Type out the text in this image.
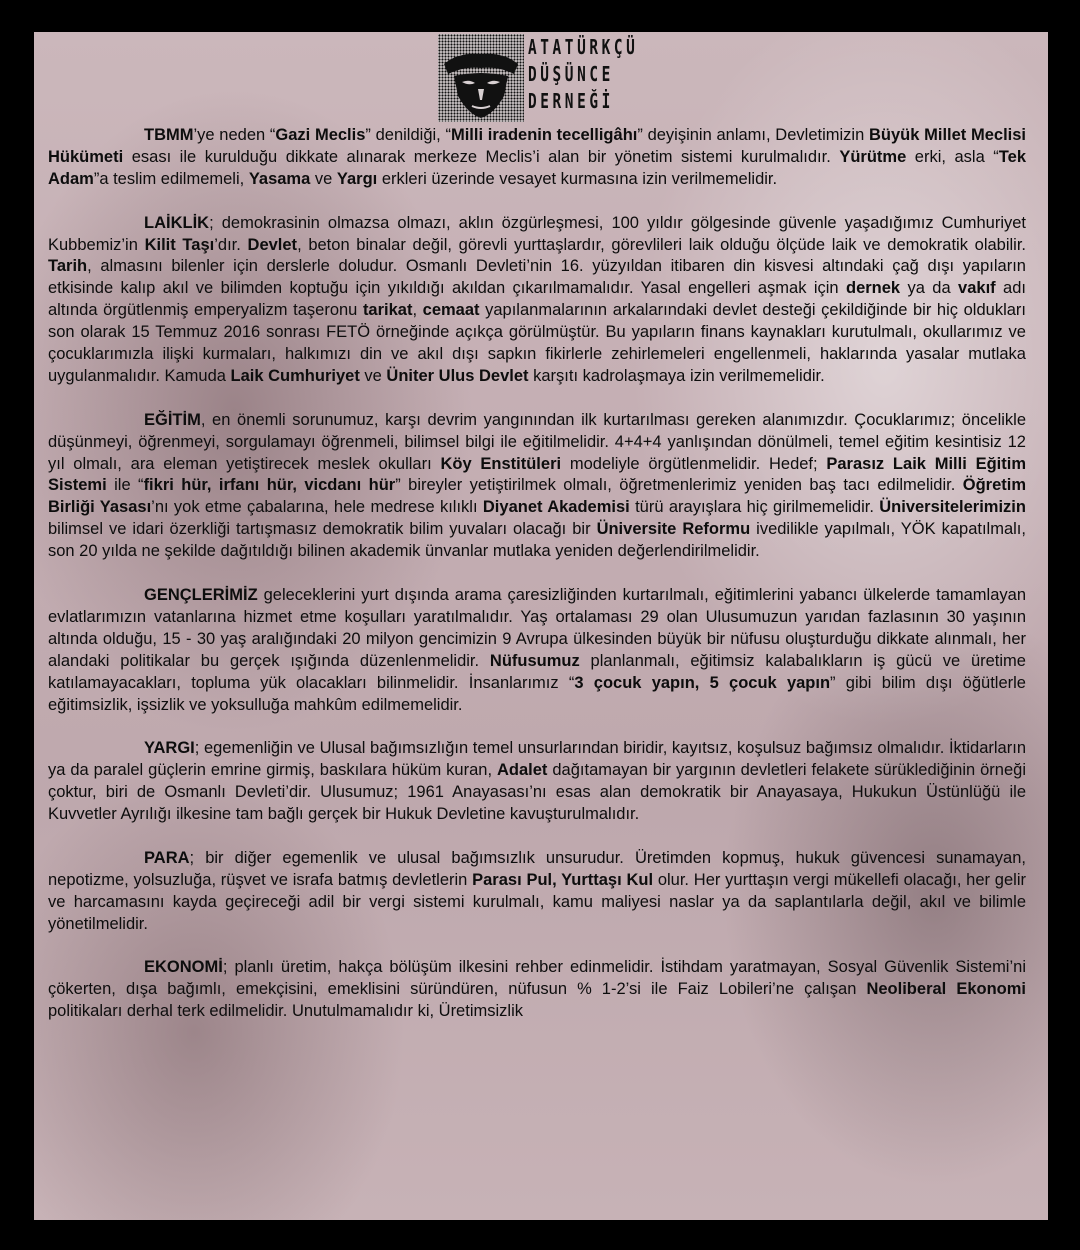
ATATÜRKÇÜ
DÜŞÜNCE
DERNEĞİ

TBMM’ye neden “Gazi Meclis” denildiği, “Milli iradenin tecelligâhı” deyişinin anlamı, Devletimizin Büyük Millet Meclisi Hükümeti esası ile kurulduğu dikkate alınarak merkeze Meclis’i alan bir yönetim sistemi kurulmalıdır. Yürütme erki, asla “Tek Adam”a teslim edilmemeli, Yasama ve Yargı erkleri üzerinde vesayet kurmasına izin verilmemelidir.

LAİKLİK; demokrasinin olmazsa olmazı, aklın özgürleşmesi, 100 yıldır gölgesinde güvenle yaşadığımız Cumhuriyet Kubbemiz’in Kilit Taşı’dır. Devlet, beton binalar değil, görevli yurttaşlardır, görevlileri laik olduğu ölçüde laik ve demokratik olabilir. Tarih, almasını bilenler için derslerle doludur. Osmanlı Devleti’nin 16. yüzyıldan itibaren din kisvesi altındaki çağ dışı yapıların etkisinde kalıp akıl ve bilimden koptuğu için yıkıldığı akıldan çıkarılmamalıdır. Yasal engelleri aşmak için dernek ya da vakıf adı altında örgütlenmiş emperyalizm taşeronu tarikat, cemaat yapılanmalarının arkalarındaki devlet desteği çekildiğinde bir hiç oldukları son olarak 15 Temmuz 2016 sonrası FETÖ örneğinde açıkça görülmüştür. Bu yapıların finans kaynakları kurutulmalı, okullarımız ve çocuklarımızla ilişki kurmaları, halkımızı din ve akıl dışı sapkın fikirlerle zehirlemeleri engellenmeli, haklarında yasalar mutlaka uygulanmalıdır. Kamuda Laik Cumhuriyet ve Üniter Ulus Devlet karşıtı kadrolaşmaya izin verilmemelidir.

EĞİTİM, en önemli sorunumuz, karşı devrim yangınından ilk kurtarılması gereken alanımızdır. Çocuklarımız; öncelikle düşünmeyi, öğrenmeyi, sorgulamayı öğrenmeli, bilimsel bilgi ile eğitilmelidir. 4+4+4 yanlışından dönülmeli, temel eğitim kesintisiz 12 yıl olmalı, ara eleman yetiştirecek meslek okulları Köy Enstitüleri modeliyle örgütlenmelidir. Hedef; Parasız Laik Milli Eğitim Sistemi ile “fikri hür, irfanı hür, vicdanı hür” bireyler yetiştirilmek olmalı, öğretmenlerimiz yeniden baş tacı edilmelidir. Öğretim Birliği Yasası’nı yok etme çabalarına, hele medrese kılıklı Diyanet Akademisi türü arayışlara hiç girilmemelidir. Üniversitelerimizin bilimsel ve idari özerkliği tartışmasız demokratik bilim yuvaları olacağı bir Üniversite Reformu ivedilikle yapılmalı, YÖK kapatılmalı, son 20 yılda ne şekilde dağıtıldığı bilinen akademik ünvanlar mutlaka yeniden değerlendirilmelidir.

GENÇLERİMİZ geleceklerini yurt dışında arama çaresizliğinden kurtarılmalı, eğitimlerini yabancı ülkelerde tamamlayan evlatlarımızın vatanlarına hizmet etme koşulları yaratılmalıdır. Yaş ortalaması 29 olan Ulusumuzun yarıdan fazlasının 30 yaşının altında olduğu, 15 - 30 yaş aralığındaki 20 milyon gencimizin 9 Avrupa ülkesinden büyük bir nüfusu oluşturduğu dikkate alınmalı, her alandaki politikalar bu gerçek ışığında düzenlenmelidir. Nüfusumuz planlanmalı, eğitimsiz kalabalıkların iş gücü ve üretime katılamayacakları, topluma yük olacakları bilinmelidir. İnsanlarımız “3 çocuk yapın, 5 çocuk yapın” gibi bilim dışı öğütlerle eğitimsizlik, işsizlik ve yoksulluğa mahkûm edilmemelidir.

YARGI; egemenliğin ve Ulusal bağımsızlığın temel unsurlarından biridir, kayıtsız, koşulsuz bağımsız olmalıdır. İktidarların ya da paralel güçlerin emrine girmiş, baskılara hüküm kuran, Adalet dağıtamayan bir yargının devletleri felakete sürüklediğinin örneği çoktur, biri de Osmanlı Devleti’dir. Ulusumuz; 1961 Anayasası’nı esas alan demokratik bir Anayasaya, Hukukun Üstünlüğü ile Kuvvetler Ayrılığı ilkesine tam bağlı gerçek bir Hukuk Devletine kavuşturulmalıdır.

PARA; bir diğer egemenlik ve ulusal bağımsızlık unsurudur. Üretimden kopmuş, hukuk güvencesi sunamayan, nepotizme, yolsuzluğa, rüşvet ve israfa batmış devletlerin Parası Pul, Yurttaşı Kul olur. Her yurttaşın vergi mükellefi olacağı, her gelir ve harcamasını kayda geçireceği adil bir vergi sistemi kurulmalı, kamu maliyesi naslar ya da saplantılarla değil, akıl ve bilimle yönetilmelidir.

EKONOMİ; planlı üretim, hakça bölüşüm ilkesini rehber edinmelidir. İstihdam yaratmayan, Sosyal Güvenlik Sistemi’ni çökerten, dışa bağımlı, emekçisini, emeklisini süründüren, nüfusun % 1-2’si ile Faiz Lobileri’ne çalışan Neoliberal Ekonomi politikaları derhal terk edilmelidir. Unutulmamalıdır ki, Üretimsizlik
